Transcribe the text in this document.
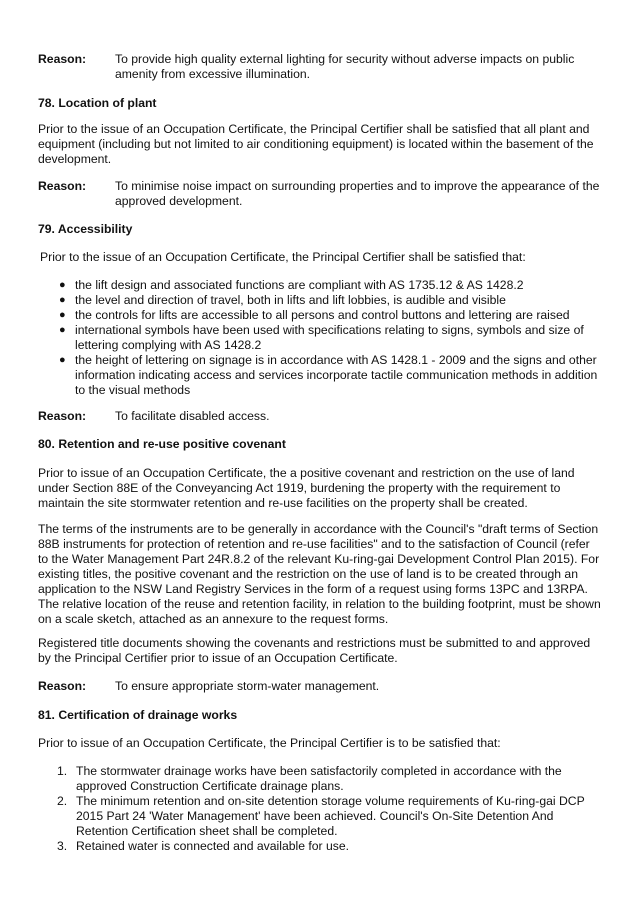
Reason:	To provide high quality external lighting for security without adverse impacts on public amenity from excessive illumination.
78. Location of plant
Prior to the issue of an Occupation Certificate, the Principal Certifier shall be satisfied that all plant and equipment (including but not limited to air conditioning equipment) is located within the basement of the development.
Reason:	To minimise noise impact on surrounding properties and to improve the appearance of the approved development.
79. Accessibility
Prior to the issue of an Occupation Certificate, the Principal Certifier shall be satisfied that:
● the lift design and associated functions are compliant with AS 1735.12 & AS 1428.2
● the level and direction of travel, both in lifts and lift lobbies, is audible and visible
● the controls for lifts are accessible to all persons and control buttons and lettering are raised
● international symbols have been used with specifications relating to signs, symbols and size of lettering complying with AS 1428.2
● the height of lettering on signage is in accordance with AS 1428.1 - 2009 and the signs and other information indicating access and services incorporate tactile communication methods in addition to the visual methods
Reason:	To facilitate disabled access.
80. Retention and re-use positive covenant
Prior to issue of an Occupation Certificate, the a positive covenant and restriction on the use of land under Section 88E of the Conveyancing Act 1919, burdening the property with the requirement to maintain the site stormwater retention and re-use facilities on the property shall be created.
The terms of the instruments are to be generally in accordance with the Council's "draft terms of Section 88B instruments for protection of retention and re-use facilities" and to the satisfaction of Council (refer to the Water Management Part 24R.8.2 of the relevant Ku-ring-gai Development Control Plan 2015). For existing titles, the positive covenant and the restriction on the use of land is to be created through an application to the NSW Land Registry Services in the form of a request using forms 13PC and 13RPA. The relative location of the reuse and retention facility, in relation to the building footprint, must be shown on a scale sketch, attached as an annexure to the request forms.
Registered title documents showing the covenants and restrictions must be submitted to and approved by the Principal Certifier prior to issue of an Occupation Certificate.
Reason:	To ensure appropriate storm-water management.
81. Certification of drainage works
Prior to issue of an Occupation Certificate, the Principal Certifier is to be satisfied that:
1. The stormwater drainage works have been satisfactorily completed in accordance with the approved Construction Certificate drainage plans.
2. The minimum retention and on-site detention storage volume requirements of Ku-ring-gai DCP 2015 Part 24 'Water Management' have been achieved. Council's On-Site Detention And Retention Certification sheet shall be completed.
3. Retained water is connected and available for use.
